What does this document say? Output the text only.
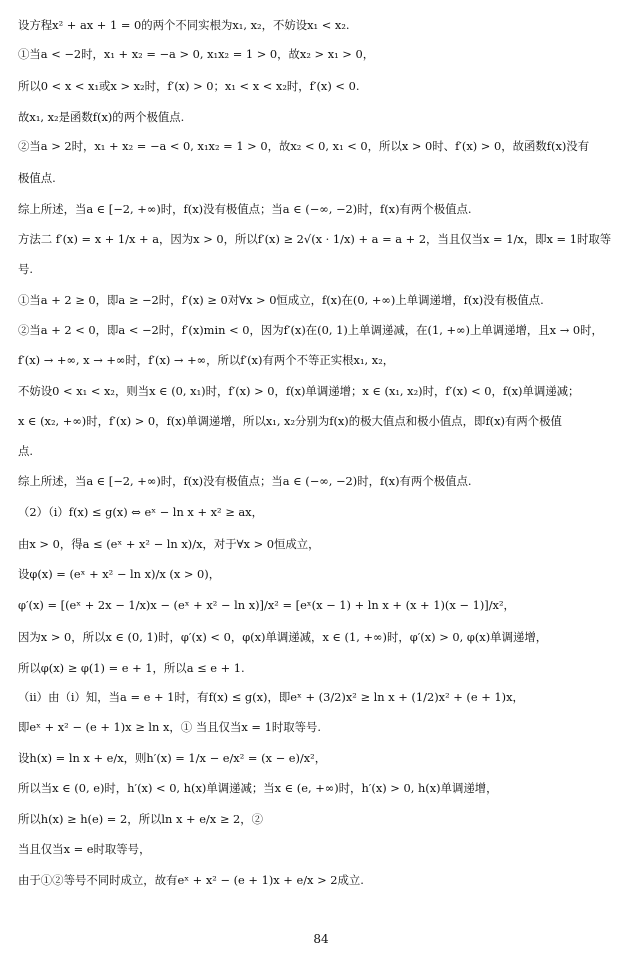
设方程x² + ax + 1 = 0的两个不同实根为x₁, x₂，不妨设x₁ < x₂.
①当a < −2时，x₁ + x₂ = −a > 0, x₁x₂ = 1 > 0，故x₂ > x₁ > 0，
所以0 < x < x₁或x > x₂时，f′(x) > 0；x₁ < x < x₂时，f′(x) < 0.
故x₁, x₂是函数f(x)的两个极值点.
②当a > 2时，x₁ + x₂ = −a < 0, x₁x₂ = 1 > 0，故x₂ < 0, x₁ < 0，所以x > 0时、f′(x) > 0，故函数f(x)没有
极值点.
综上所述，当a ∈ [−2, +∞)时，f(x)没有极值点；当a ∈ (−∞, −2)时，f(x)有两个极值点.
方法二 f′(x) = x + 1/x + a，因为x > 0，所以f′(x) ≥ 2√(x · 1/x) + a = a + 2，当且仅当x = 1/x，即x = 1时取等
号.
①当a + 2 ≥ 0，即a ≥ −2时，f′(x) ≥ 0对∀x > 0恒成立，f(x)在(0, +∞)上单调递增，f(x)没有极值点.
②当a + 2 < 0，即a < −2时，f′(x)min < 0，因为f′(x)在(0, 1)上单调递减，在(1, +∞)上单调递增，且x → 0时，
f′(x) → +∞, x → +∞时，f′(x) → +∞，所以f′(x)有两个不等正实根x₁, x₂，
不妨设0 < x₁ < x₂，则当x ∈ (0, x₁)时，f′(x) > 0，f(x)单调递增；x ∈ (x₁, x₂)时，f′(x) < 0，f(x)单调递减；
x ∈ (x₂, +∞)时，f′(x) > 0，f(x)单调递增，所以x₁, x₂分别为f(x)的极大值点和极小值点，即f(x)有两个极值
点.
综上所述，当a ∈ [−2, +∞)时，f(x)没有极值点；当a ∈ (−∞, −2)时，f(x)有两个极值点.
（2）（i）f(x) ≤ g(x) ⇔ eˣ − ln x + x² ≥ ax，
由x > 0，得a ≤ (eˣ + x² − ln x)/x，对于∀x > 0恒成立，
设φ(x) = (eˣ + x² − ln x)/x (x > 0)，
φ′(x) = [(eˣ + 2x − 1/x)x − (eˣ + x² − ln x)]/x² = [eˣ(x − 1) + ln x + (x + 1)(x − 1)]/x²，
因为x > 0，所以x ∈ (0, 1)时，φ′(x) < 0，φ(x)单调递减，x ∈ (1, +∞)时，φ′(x) > 0, φ(x)单调递增，
所以φ(x) ≥ φ(1) = e + 1，所以a ≤ e + 1.
（ii）由（i）知，当a = e + 1时，有f(x) ≤ g(x)，即eˣ + (3/2)x² ≥ ln x + (1/2)x² + (e + 1)x，
即eˣ + x² − (e + 1)x ≥ ln x，① 当且仅当x = 1时取等号.
设h(x) = ln x + e/x，则h′(x) = 1/x − e/x² = (x − e)/x²，
所以当x ∈ (0, e)时，h′(x) < 0, h(x)单调递减；当x ∈ (e, +∞)时，h′(x) > 0, h(x)单调递增，
所以h(x) ≥ h(e) = 2，所以ln x + e/x ≥ 2，②
当且仅当x = e时取等号，
由于①②等号不同时成立，故有eˣ + x² − (e + 1)x + e/x > 2成立.
84
